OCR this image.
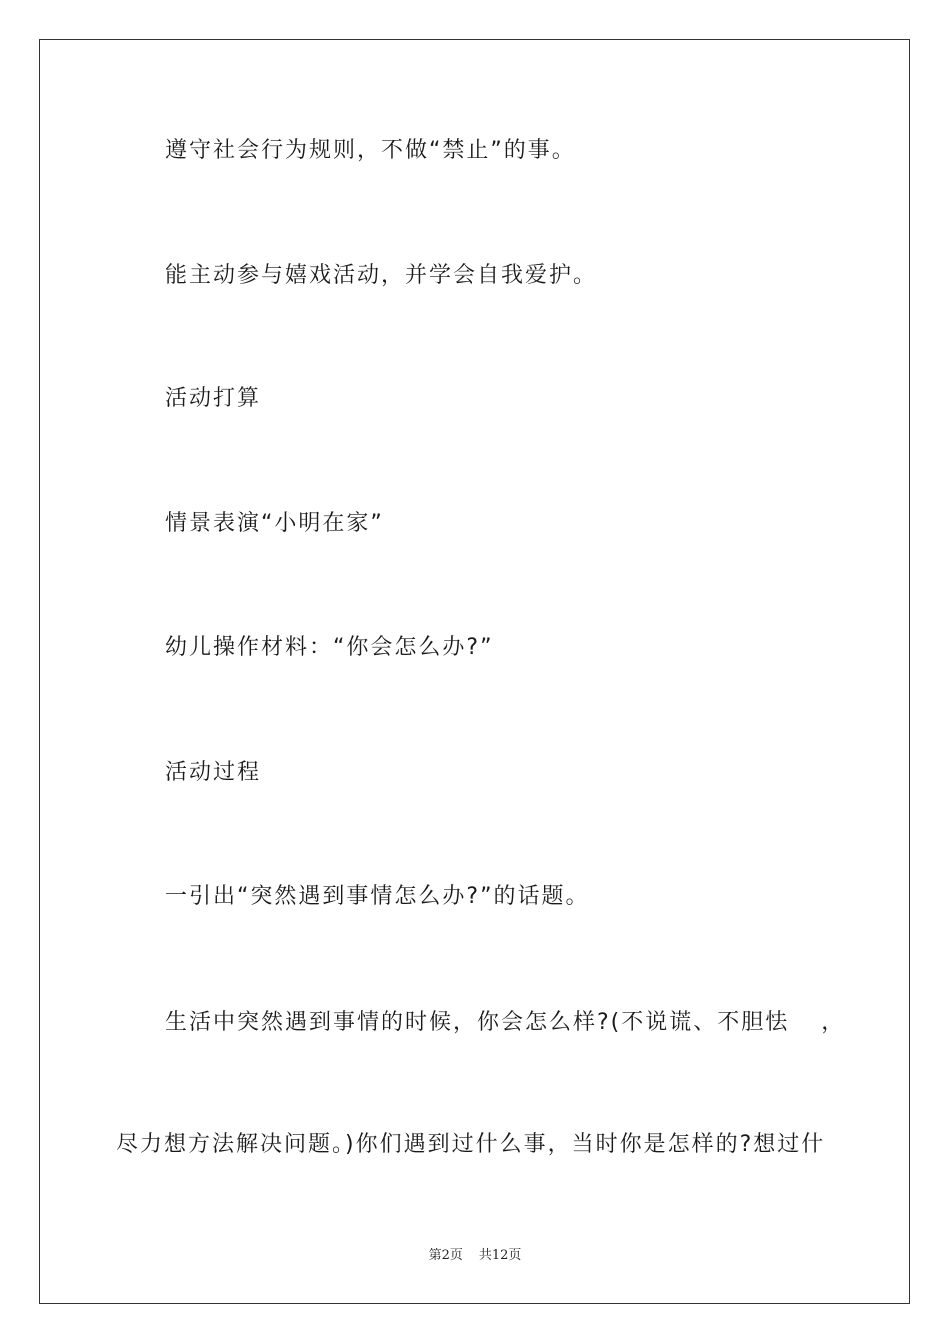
遵守社会行为规则，不做“禁止”的事。
能主动参与嬉戏活动，并学会自我爱护。
活动打算
情景表演“小明在家”
幼儿操作材料：“你会怎么办?”
活动过程
一引出“突然遇到事情怎么办?”的话题。
生活中突然遇到事情的时候，你会怎么样?(不说谎、不胆怯 ，
尽力想方法解决问题。)你们遇到过什么事，当时你是怎样的?想过什
第2页 共12页
